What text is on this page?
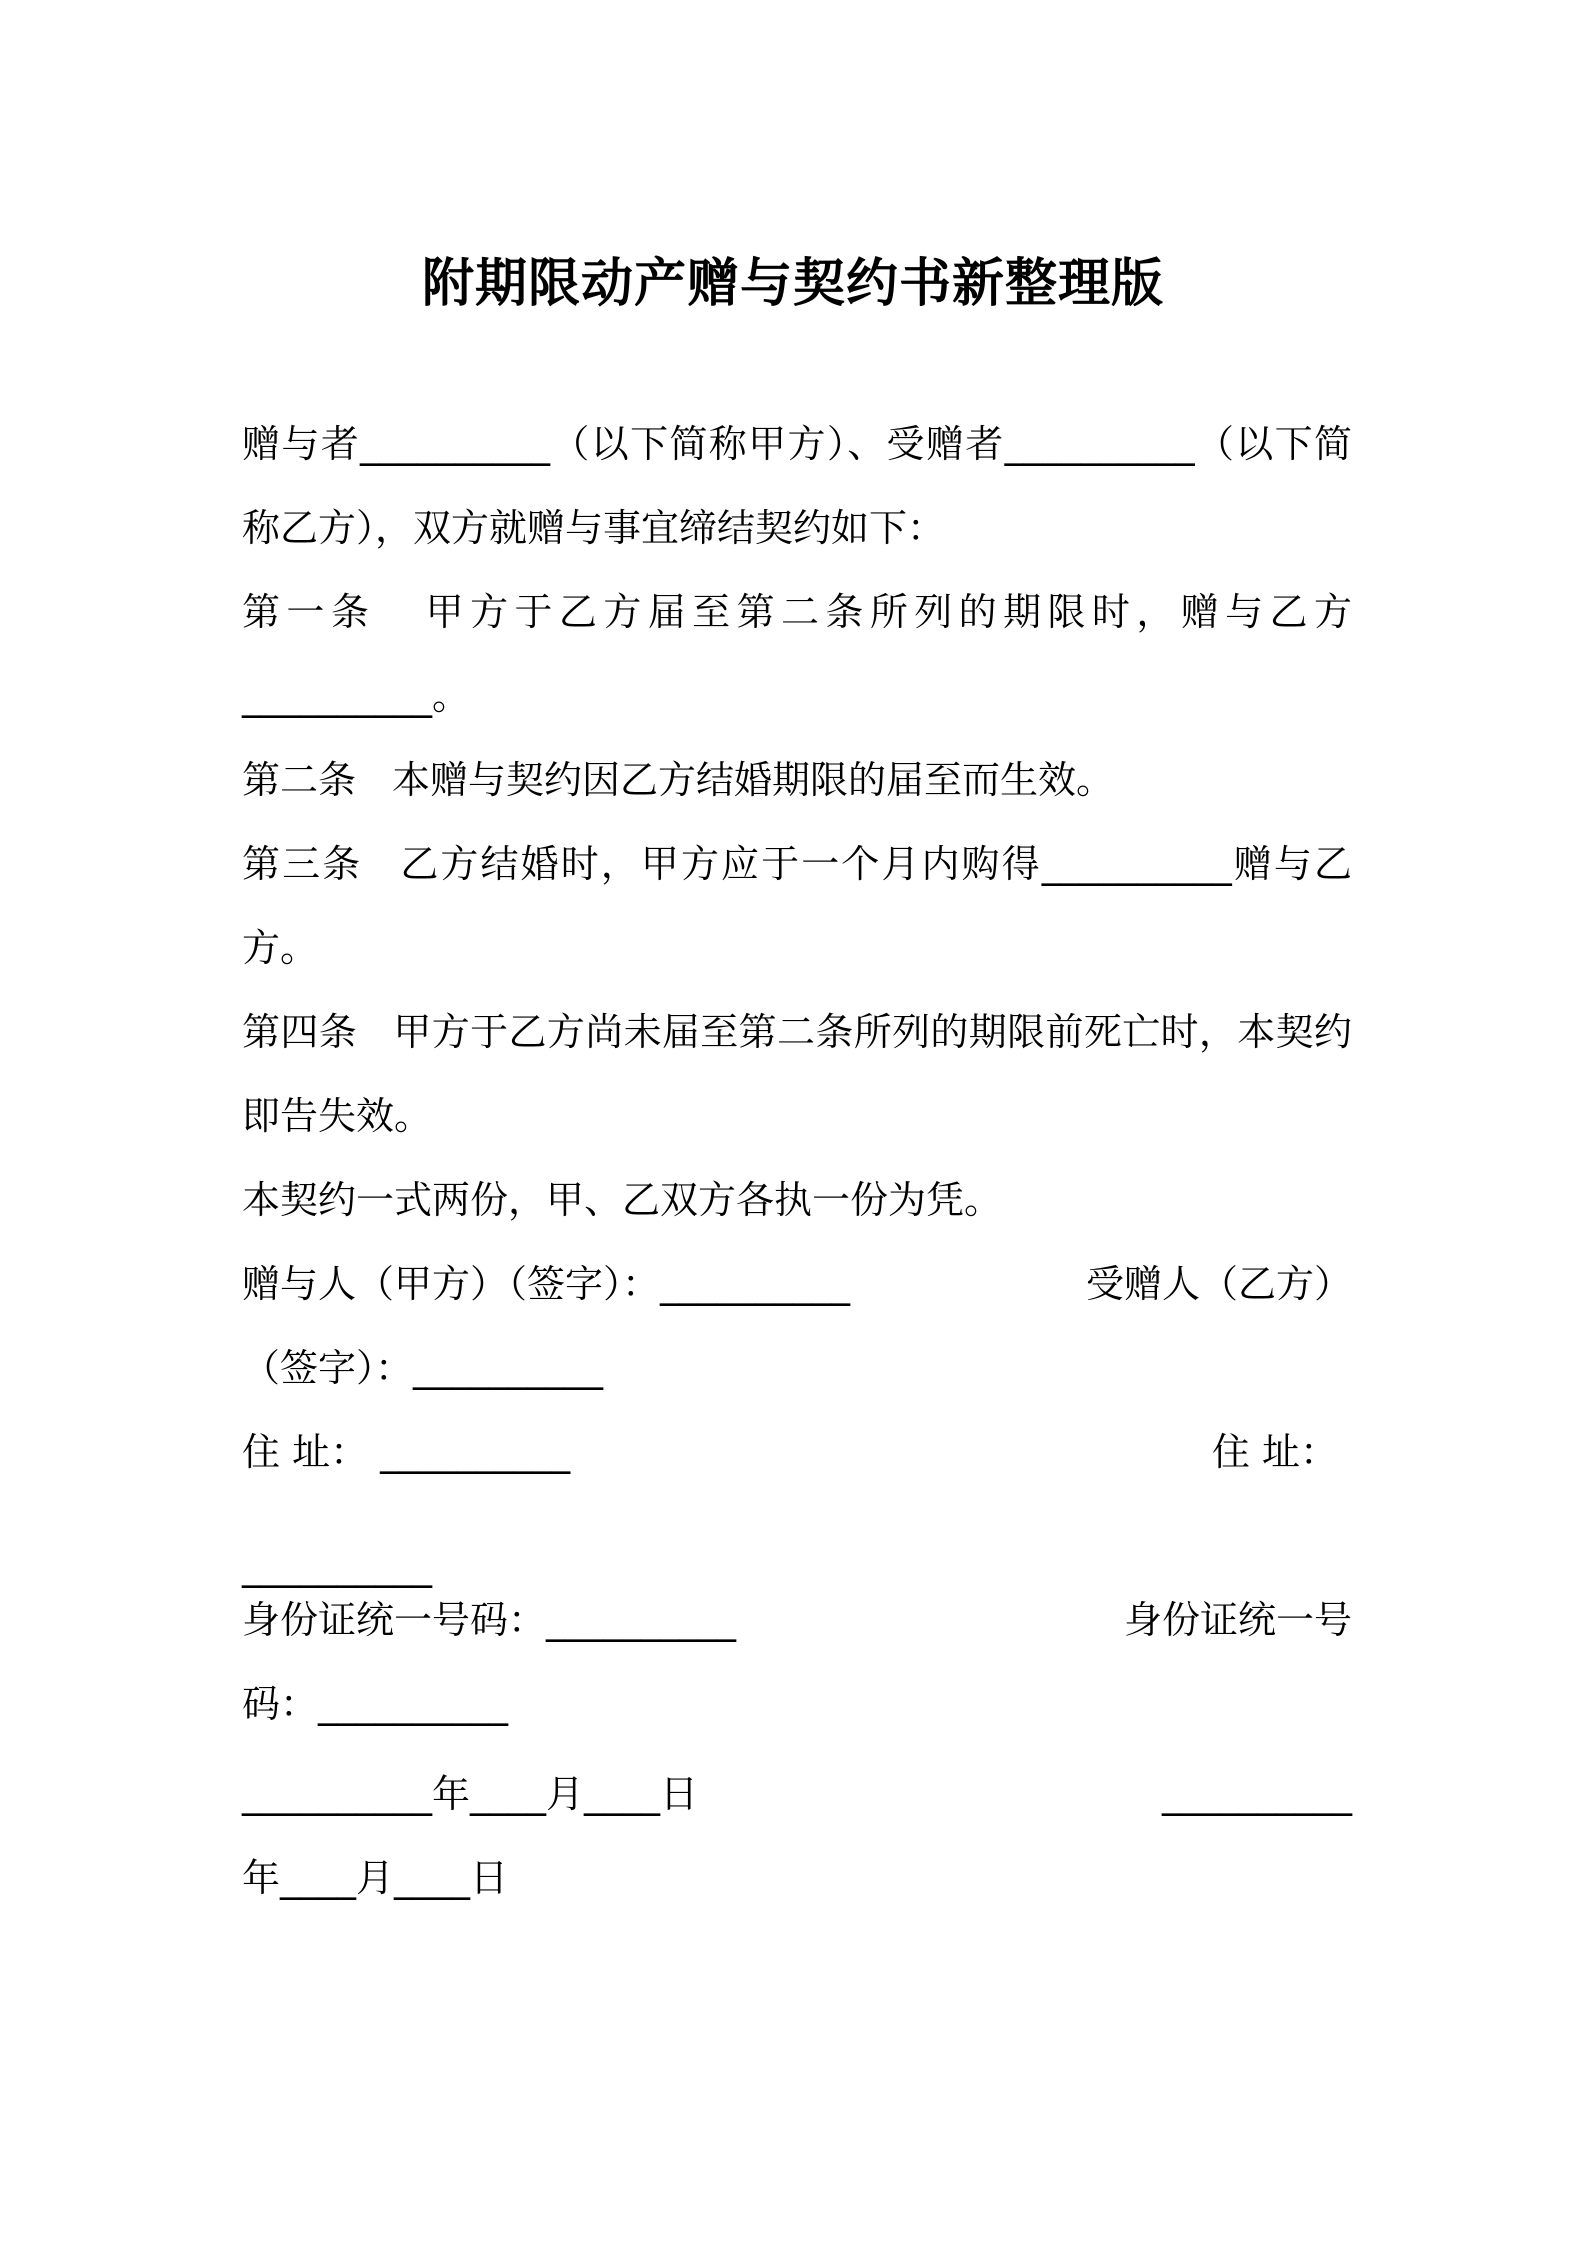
附期限动产赠与契约书新整理版

赠与者__________（以下简称甲方）、受赠者__________（以下简称乙方），双方就赠与事宜缔结契约如下：

第一条 甲方于乙方届至第二条所列的期限时，赠与乙方__________。

第二条 本赠与契约因乙方结婚期限的届至而生效。

第三条 乙方结婚时，甲方应于一个月内购得__________赠与乙方。

第四条 甲方于乙方尚未届至第二条所列的期限前死亡时，本契约即告失效。

本契约一式两份，甲、乙双方各执一份为凭。

赠与人（甲方）（签字）：__________	受赠人（乙方）
（签字）：__________
住 址： __________	住 址：
__________
身份证统一号码：__________	身份证统一号
码：__________
__________年____月____日	__________
年____月____日
